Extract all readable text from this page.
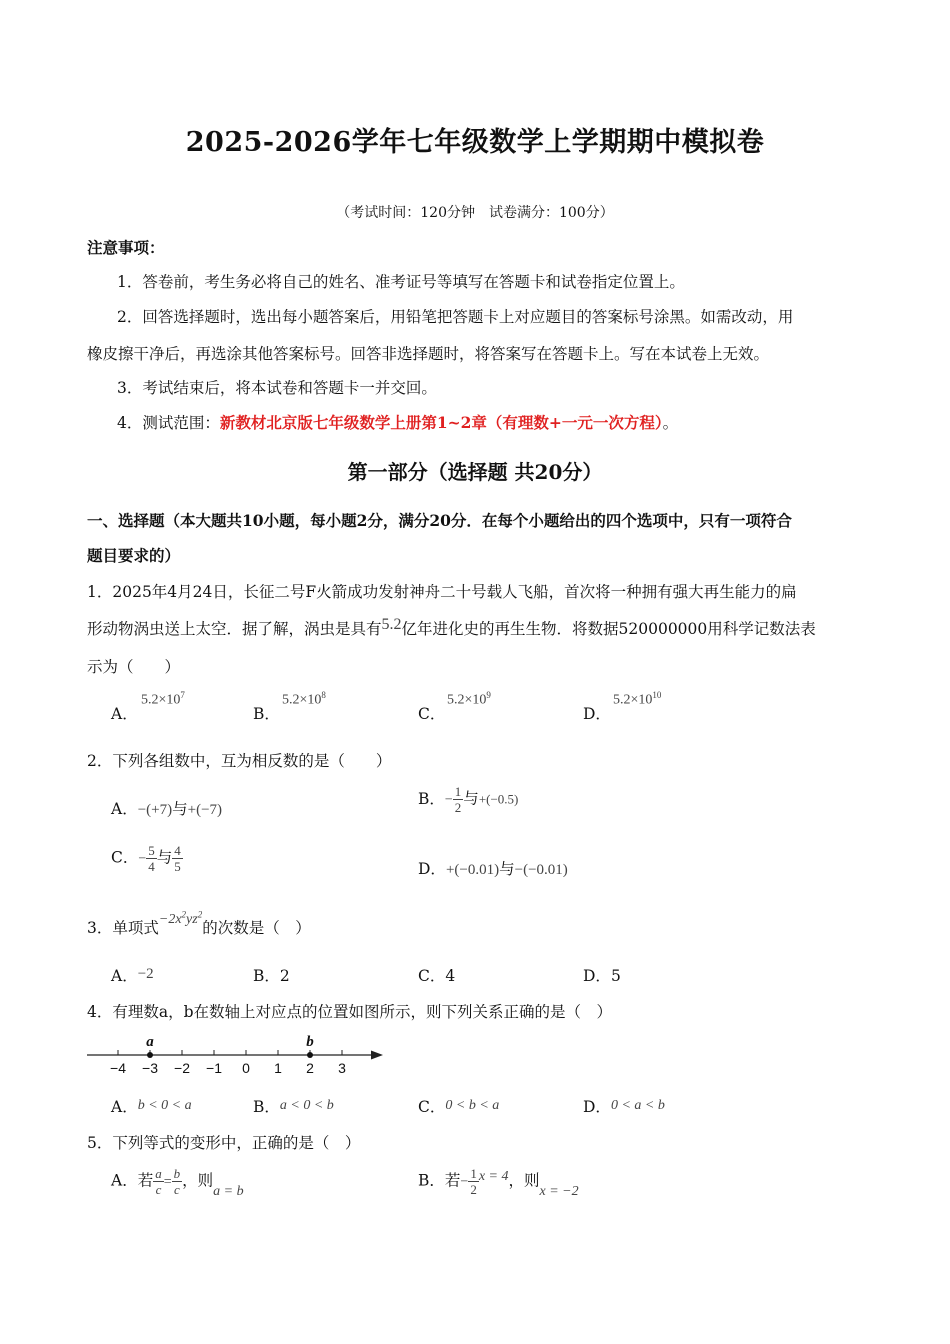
2025-2026学年七年级数学上学期期中模拟卷
（考试时间：120分钟　试卷满分：100分）
注意事项：
1．答卷前，考生务必将自己的姓名、准考证号等填写在答题卡和试卷指定位置上。
2．回答选择题时，选出每小题答案后，用铅笔把答题卡上对应题目的答案标号涂黑。如需改动，用
橡皮擦干净后，再选涂其他答案标号。回答非选择题时，将答案写在答题卡上。写在本试卷上无效。
3．考试结束后，将本试卷和答题卡一并交回。
4．测试范围：新教材北京版七年级数学上册第1~2章（有理数+一元一次方程）。
第一部分（选择题 共20分）
一、选择题（本大题共10小题，每小题2分，满分20分．在每个小题给出的四个选项中，只有一项符合
题目要求的）
1．2025年4月24日，长征二号F火箭成功发射神舟二十号载人飞船，首次将一种拥有强大再生能力的扁
形动物涡虫送上太空．据了解，涡虫是具有5.2亿年进化史的再生生物．将数据520000000用科学记数法表
示为（　　）
A．
$5.2\times 10^7$
B．
$5.2\times 10^8$
C．
$5.2\times 10^9$
D．
$5.2\times 10^{10}$
2．下列各组数中，互为相反数的是（　　）
A．−(+7)与+(−7)
B．− $\frac{1}{2}$ 与+(−0.5)
C．− $\frac{5}{4}$ 与 $\frac{4}{5}$	D．+(−0.01)与−(−0.01)
3．单项式$-2x^2yz^2$的次数是（　）
A．−2	B．2	C．4	D．5
4．有理数a，b在数轴上对应点的位置如图所示，则下列关系正确的是（　）
−4 −3 −2 −1 0 1 2 3
a	b
A．b < 0 < a	B．a < 0 < b	C．0 < b < a	D．0 < a < b
5．下列等式的变形中，正确的是（　）
A．若 $\frac{a}{c} = \frac{b}{c}$ ，则a = b
B．若− $\frac{1}{2}$ x = 4，则x = −2
